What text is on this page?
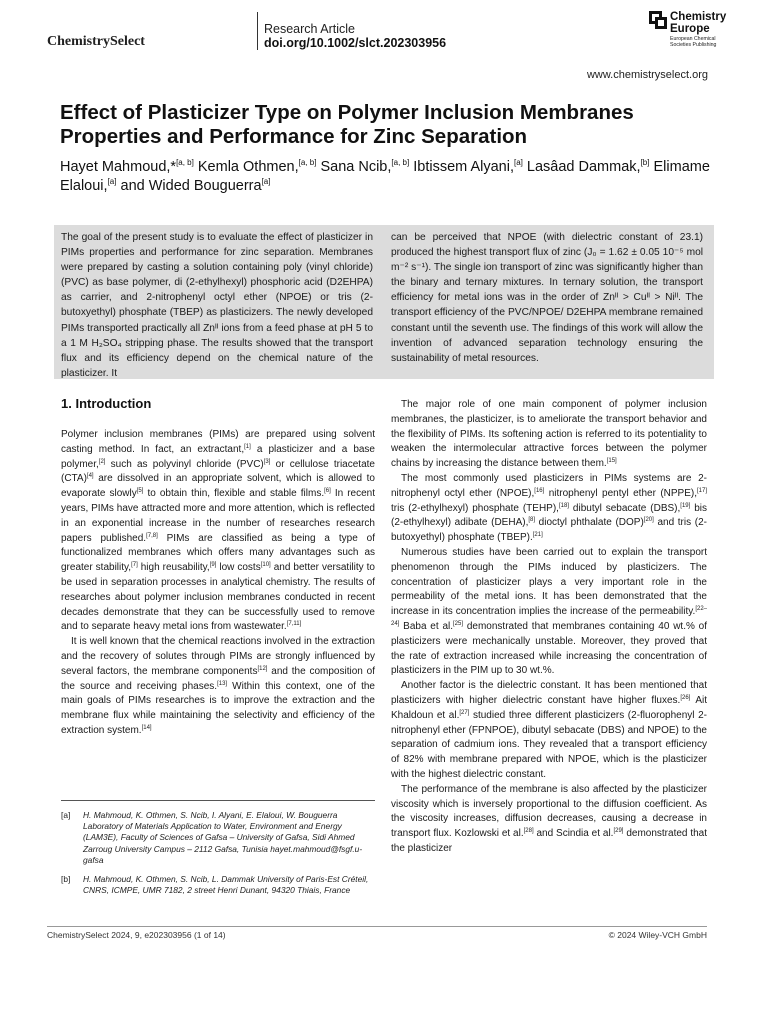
ChemistrySelect
Research Article
doi.org/10.1002/slct.202303956
Chemistry
Europe
European Chemical
Societies Publishing
www.chemistryselect.org
Effect of Plasticizer Type on Polymer Inclusion Membranes Properties and Performance for Zinc Separation
Hayet Mahmoud,*[a, b] Kemla Othmen,[a, b] Sana Ncib,[a, b] Ibtissem Alyani,[a] Lasâad Dammak,[b] Elimame Elaloui,[a] and Wided Bouguerra[a]
The goal of the present study is to evaluate the effect of plasticizer in PIMs properties and performance for zinc separation. Membranes were prepared by casting a solution containing poly (vinyl chloride) (PVC) as base polymer, di (2-ethylhexyl) phosphoric acid (D2EHPA) as carrier, and 2-nitrophenyl octyl ether (NPOE) or tris (2-butoxyethyl) phosphate (TBEP) as plasticizers. The newly developed PIMs transported practically all Znᴵᴵ ions from a feed phase at pH 5 to a 1 M H₂SO₄ stripping phase. The results showed that the transport flux and its efficiency depend on the chemical nature of the plasticizer. It
can be perceived that NPOE (with dielectric constant of 23.1) produced the highest transport flux of zinc (J₀ = 1.62 ± 0.05 10⁻⁵ mol m⁻² s⁻¹). The single ion transport of zinc was significantly higher than the binary and ternary mixtures. In ternary solution, the transport efficiency for metal ions was in the order of Znᴵᴵ > Cuᴵᴵ > Niᴵᴵ. The transport efficiency of the PVC/NPOE/ D2EHPA membrane remained constant until the seventh use. The findings of this work will allow the invention of advanced separation technology ensuring the sustainability of metal resources.
1. Introduction

Polymer inclusion membranes (PIMs) are prepared using solvent casting method. In fact, an extractant,[1] a plasticizer and a base polymer,[2] such as polyvinyl chloride (PVC)[3] or cellulose triacetate (CTA)[4] are dissolved in an appropriate solvent, which is allowed to evaporate slowly[5] to obtain thin, flexible and stable films.[6] In recent years, PIMs have attracted more and more attention, which is reflected in an exponential increase in the number of researches research papers published.[7,8] PIMs are classified as being a type of functionalized membranes which offers many advantages such as greater stability,[7] high reusability,[9] low costs[10] and better versatility to be used in separation processes in analytical chemistry. The results of researches about polymer inclusion membranes conducted in recent decades demonstrate that they can be successfully used to remove and to separate heavy metal ions from wastewater.[7,11]

It is well known that the chemical reactions involved in the extraction and the recovery of solutes through PIMs are strongly influenced by several factors, the membrane components[12] and the composition of the source and receiving phases.[13] Within this context, one of the main goals of PIMs researches is to improve the extraction and the membrane flux while maintaining the selectivity and efficiency of the extraction system.[14]

[a] H. Mahmoud, K. Othmen, S. Ncib, I. Alyani, E. Elaloui, W. Bouguerra Laboratory of Materials Application to Water, Environment and Energy (LAM3E), Faculty of Sciences of Gafsa – University of Gafsa, Sidi Ahmed Zarroug University Campus – 2112 Gafsa, Tunisia hayet.mahmoud@fsgf.u-gafsa
[b] H. Mahmoud, K. Othmen, S. Ncib, L. Dammak University of Paris-Est Créteil, CNRS, ICMPE, UMR 7182, 2 street Henri Dunant, 94320 Thiais, France

The major role of one main component of polymer inclusion membranes, the plasticizer, is to ameliorate the transport behavior and the flexibility of PIMs. Its softening action is referred to its potentiality to weaken the intermolecular attractive forces between the polymer chains by increasing the distance between them.[15]

The most commonly used plasticizers in PIMs systems are 2-nitrophenyl octyl ether (NPOE),[16] nitrophenyl pentyl ether (NPPE),[17] tris (2-ethylhexyl) phosphate (TEHP),[18] dibutyl sebacate (DBS),[19] bis (2-ethylhexyl) adibate (DEHA),[8] dioctyl phthalate (DOP)[20] and tris (2-butoxyethyl) phosphate (TBEP).[21]

Numerous studies have been carried out to explain the transport phenomenon through the PIMs induced by plasticizers. The concentration of plasticizer plays a very important role in the permeability of the metal ions. It has been demonstrated that the increase in its concentration implies the increase of the permeability.[22–24] Baba et al.[25] demonstrated that membranes containing 40 wt.% of plasticizers were mechanically unstable. Moreover, they proved that the rate of extraction increased while increasing the concentration of plasticizers in the PIM up to 30 wt.%.

Another factor is the dielectric constant. It has been mentioned that plasticizers with higher dielectric constant have higher fluxes.[26] Ait Khaldoun et al.[27] studied three different plasticizers (2-fluorophenyl 2-nitrophenyl ether (FPNPOE), dibutyl sebacate (DBS) and NPOE) to the separation of cadmium ions. They revealed that a transport efficiency of 82% with membrane prepared with NPOE, which is the plasticizer with the highest dielectric constant.

The performance of the membrane is also affected by the plasticizer viscosity which is inversely proportional to the diffusion coefficient. As the viscosity increases, diffusion decreases, causing a decrease in transport flux. Kozlowski et al.[28] and Scindia et al.[29] demonstrated that the plasticizer

ChemistrySelect 2024, 9, e202303956 (1 of 14)	© 2024 Wiley-VCH GmbH
